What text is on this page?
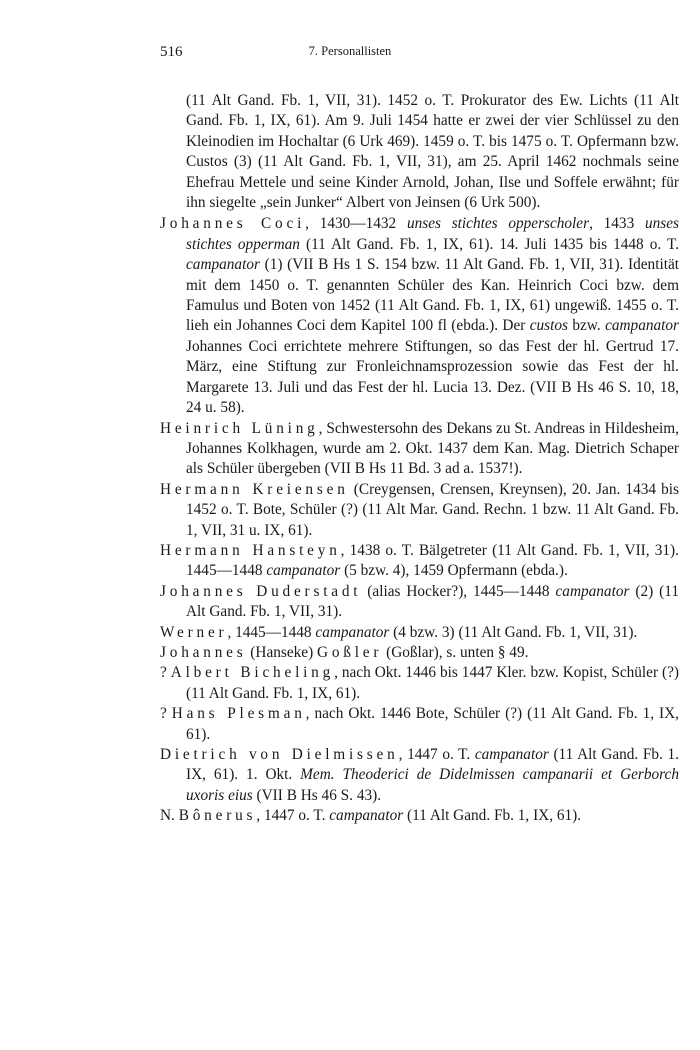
516	7. Personallisten

(11 Alt Gand. Fb. 1, VII, 31). 1452 o. T. Prokurator des Ew. Lichts (11 Alt Gand. Fb. 1, IX, 61). Am 9. Juli 1454 hatte er zwei der vier Schlüssel zu den Kleinodien im Hochaltar (6 Urk 469). 1459 o. T. bis 1475 o. T. Opfermann bzw. Custos (3) (11 Alt Gand. Fb. 1, VII, 31), am 25. April 1462 nochmals seine Ehefrau Mettele und seine Kinder Arnold, Johan, Ilse und Soffele erwähnt; für ihn siegelte „sein Junker“ Albert von Jeinsen (6 Urk 500).

Johannes Coci, 1430—1432 unses stichtes opperscholer, 1433 unses stichtes opperman (11 Alt Gand. Fb. 1, IX, 61). 14. Juli 1435 bis 1448 o. T. campanator (1) (VII B Hs 1 S. 154 bzw. 11 Alt Gand. Fb. 1, VII, 31). Identität mit dem 1450 o. T. genannten Schüler des Kan. Heinrich Coci bzw. dem Famulus und Boten von 1452 (11 Alt Gand. Fb. 1, IX, 61) ungewiß. 1455 o. T. lieh ein Johannes Coci dem Kapitel 100 fl (ebda.). Der custos bzw. campanator Johannes Coci errichtete mehrere Stiftungen, so das Fest der hl. Gertrud 17. März, eine Stiftung zur Fronleichnamsprozession sowie das Fest der hl. Margarete 13. Juli und das Fest der hl. Lucia 13. Dez. (VII B Hs 46 S. 10, 18, 24 u. 58).

Heinrich Lüning, Schwestersohn des Dekans zu St. Andreas in Hildesheim, Johannes Kolkhagen, wurde am 2. Okt. 1437 dem Kan. Mag. Dietrich Schaper als Schüler übergeben (VII B Hs 11 Bd. 3 ad a. 1537!).

Hermann Kreiensen (Creygensen, Crensen, Kreynsen), 20. Jan. 1434 bis 1452 o. T. Bote, Schüler (?) (11 Alt Mar. Gand. Rechn. 1 bzw. 11 Alt Gand. Fb. 1, VII, 31 u. IX, 61).

Hermann Hansteyn, 1438 o. T. Bälgetreter (11 Alt Gand. Fb. 1, VII, 31). 1445—1448 campanator (5 bzw. 4), 1459 Opfermann (ebda.).

Johannes Duderstadt (alias Hocker?), 1445—1448 campanator (2) (11 Alt Gand. Fb. 1, VII, 31).

Werner, 1445—1448 campanator (4 bzw. 3) (11 Alt Gand. Fb. 1, VII, 31).

Johannes (Hanseke) Goßler (Goßlar), s. unten § 49.

? Albert Bicheling, nach Okt. 1446 bis 1447 Kler. bzw. Kopist, Schüler (?) (11 Alt Gand. Fb. 1, IX, 61).

? Hans Plesman, nach Okt. 1446 Bote, Schüler (?) (11 Alt Gand. Fb. 1, IX, 61).

Dietrich von Dielmissen, 1447 o. T. campanator (11 Alt Gand. Fb. 1. IX, 61). 1. Okt. Mem. Theoderici de Didelmissen campanarii et Gerborch uxoris eius (VII B Hs 46 S. 43).

N. Bônerus, 1447 o. T. campanator (11 Alt Gand. Fb. 1, IX, 61).
